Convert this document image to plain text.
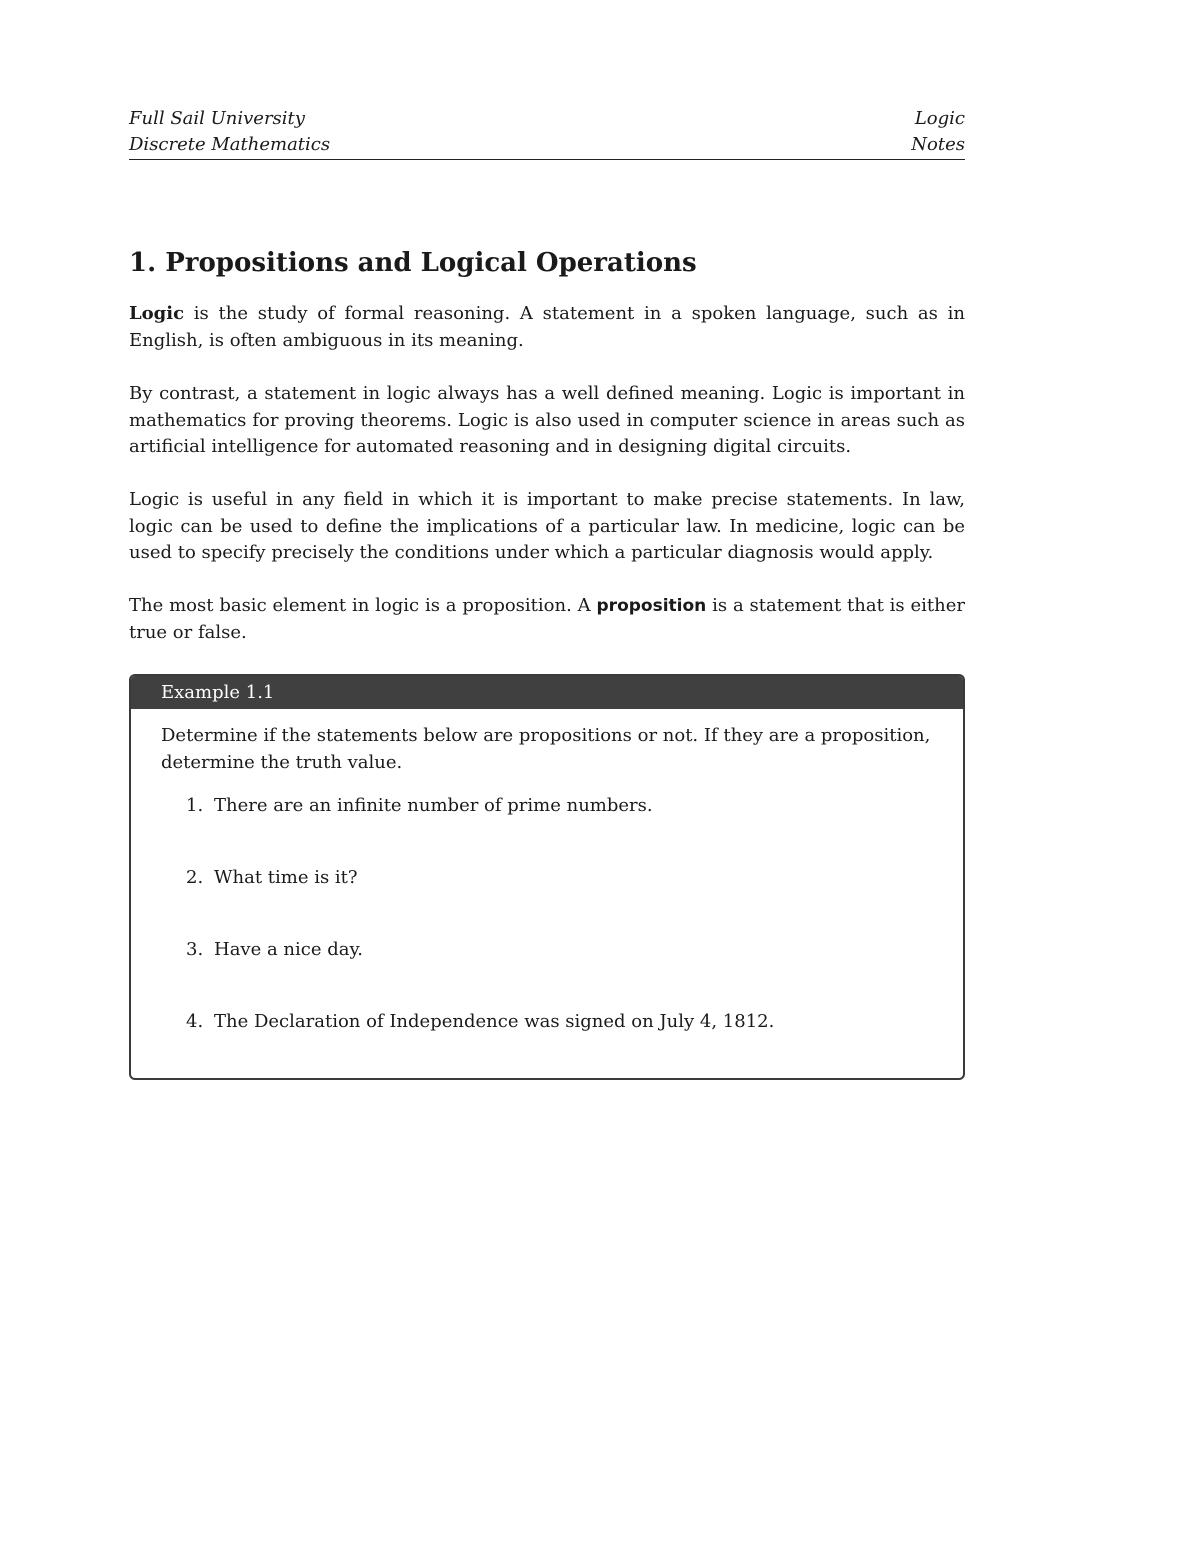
Full Sail University	Logic
Discrete Mathematics	Notes
1. Propositions and Logical Operations

Logic is the study of formal reasoning. A statement in a spoken language, such as in English, is often ambiguous in its meaning.

By contrast, a statement in logic always has a well defined meaning. Logic is important in mathematics for proving theorems. Logic is also used in computer science in areas such as artificial intelligence for automated reasoning and in designing digital circuits.

Logic is useful in any field in which it is important to make precise statements. In law, logic can be used to define the implications of a particular law. In medicine, logic can be used to specify precisely the conditions under which a particular diagnosis would apply.

The most basic element in logic is a proposition. A proposition is a statement that is either true or false.

Example 1.1

Determine if the statements below are propositions or not. If they are a proposition, determine the truth value.

1. There are an infinite number of prime numbers.
2. What time is it?
3. Have a nice day.
4. The Declaration of Independence was signed on July 4, 1812.
